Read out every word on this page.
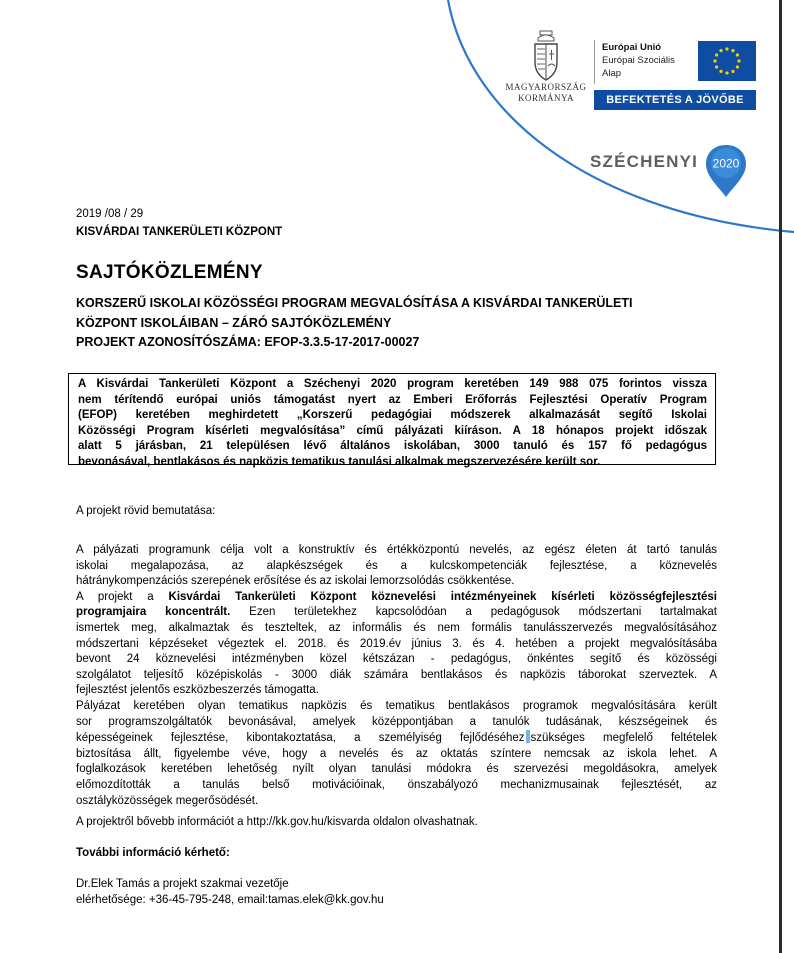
MAGYARORSZÁG
KORMÁNYA
Európai Unió
Európai Szociális
Alap
BEFEKTETÉS A JÖVŐBE
SZÉCHENYI 2020
2019 /08 / 29
KISVÁRDAI TANKERÜLETI KÖZPONT
SAJTÓKÖZLEMÉNY
KORSZERŰ ISKOLAI KÖZÖSSÉGI PROGRAM MEGVALÓSÍTÁSA A KISVÁRDAI TANKERÜLETI
KÖZPONT ISKOLÁIBAN – ZÁRÓ SAJTÓKÖZLEMÉNY
PROJEKT AZONOSÍTÓSZÁMA: EFOP-3.3.5-17-2017-00027
A Kisvárdai Tankerületi Központ a Széchenyi 2020 program keretében 149 988 075 forintos vissza
nem térítendő európai uniós támogatást nyert az Emberi Erőforrás Fejlesztési Operatív Program
(EFOP) keretében meghirdetett „Korszerű pedagógiai módszerek alkalmazását segítő Iskolai
Közösségi Program kísérleti megvalósítása” című pályázati kiíráson. A 18 hónapos projekt időszak
alatt 5 járásban, 21 településen lévő általános iskolában, 3000 tanuló és 157 fő pedagógus
bevonásával, bentlakásos és napközis tematikus tanulási alkalmak megszervezésére került sor.
A projekt rövid bemutatása:
A pályázati programunk célja volt a konstruktív és értékközpontú nevelés, az egész életen át tartó tanulás
iskolai megalapozása, az alapkészségek és a kulcskompetenciák fejlesztése, a köznevelés
hátránykompenzációs szerepének erősítése és az iskolai lemorzsolódás csökkentése.
A projekt a Kisvárdai Tankerületi Központ köznevelési intézményeinek kísérleti közösségfejlesztési
programjaira koncentrált. Ezen területekhez kapcsolódóan a pedagógusok módszertani tartalmakat
ismertek meg, alkalmaztak és teszteltek, az informális és nem formális tanulásszervezés megvalósításához
módszertani képzéseket végeztek el. 2018. és 2019.év június 3. és 4. hetében a projekt megvalósításába
bevont 24 köznevelési intézményben közel kétszázan - pedagógus, önkéntes segítő és közösségi
szolgálatot teljesítő középiskolás - 3000 diák számára bentlakásos és napközis táborokat szerveztek. A
fejlesztést jelentős eszközbeszerzés támogatta.
Pályázat keretében olyan tematikus napközis és tematikus bentlakásos programok megvalósítására került
sor programszolgáltatók bevonásával, amelyek középpontjában a tanulók tudásának, készségeinek és
képességeinek fejlesztése, kibontakoztatása, a személyiség fejlődéséhez szükséges megfelelő feltételek
biztosítása állt, figyelembe véve, hogy a nevelés és az oktatás színtere nemcsak az iskola lehet. A
foglalkozások keretében lehetőség nyílt olyan tanulási módokra és szervezési megoldásokra, amelyek
előmozdították a tanulás belső motivációinak, önszabályozó mechanizmusainak fejlesztését, az
osztályközösségek megerősödését.
A projektről bővebb információt a http://kk.gov.hu/kisvarda oldalon olvashatnak.
További információ kérhető:
Dr.Elek Tamás a projekt szakmai vezetője
elérhetősége: +36-45-795-248, email:tamas.elek@kk.gov.hu
